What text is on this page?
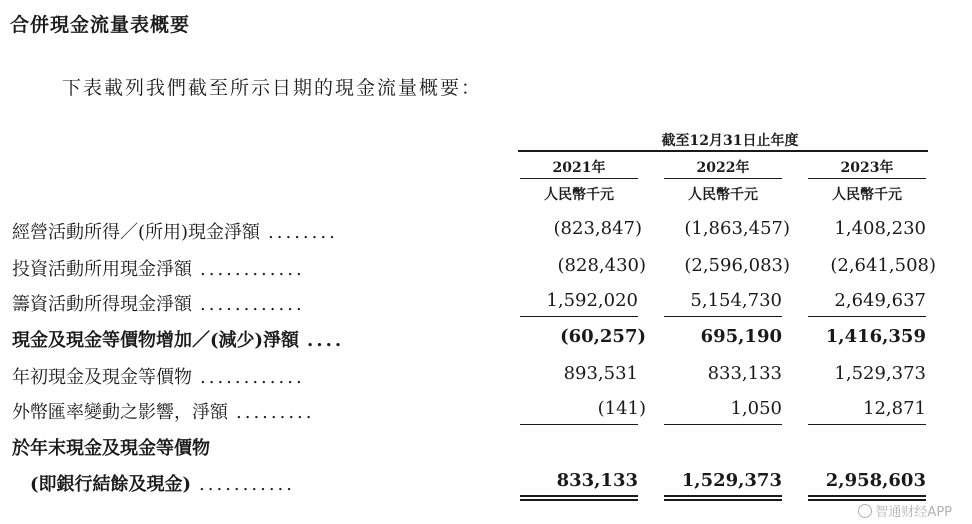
合併現金流量表概要
下表載列我們截至所示日期的現金流量概要：
截至12月31日止年度
2021年	2022年	2023年
人民幣千元	人民幣千元	人民幣千元
經營活動所得／(所用)現金淨額 ........	(823,847)	(1,863,457)	1,408,230
投資活動所用現金淨額 ............	(828,430)	(2,596,083)	(2,641,508)
籌資活動所得現金淨額 ............	1,592,020	5,154,730	2,649,637
現金及現金等價物增加／(減少)淨額 ....	(60,257)	695,190	1,416,359
年初現金及現金等價物 ............	893,531	833,133	1,529,373
外幣匯率變動之影響，淨額 .........	(141)	1,050	12,871
於年末現金及現金等價物
(即銀行結餘及現金) ...........	833,133	1,529,373	2,958,603
智通财经APP
